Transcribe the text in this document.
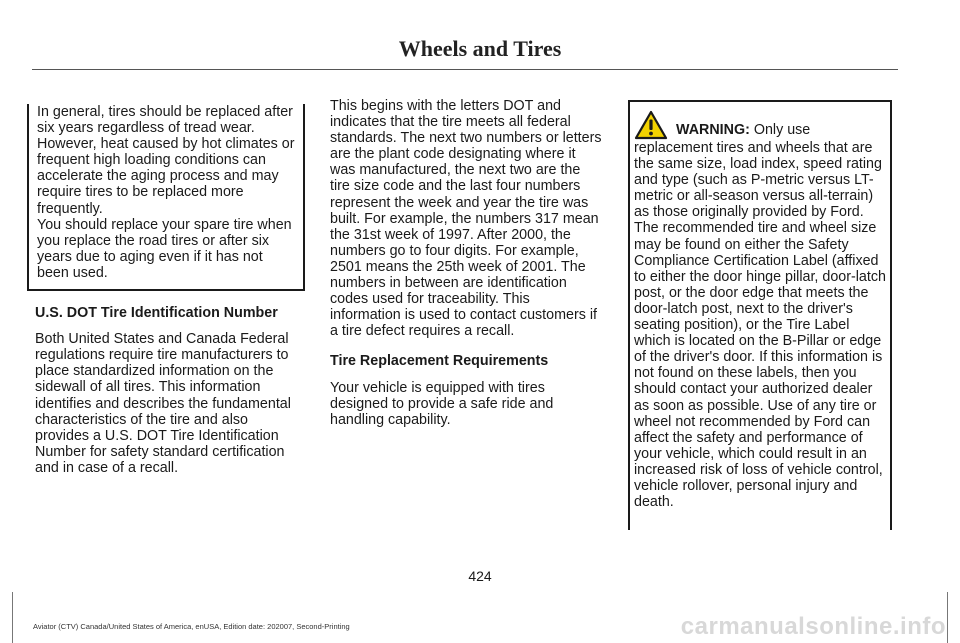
Wheels and Tires

In general, tires should be replaced after six years regardless of tread wear. However, heat caused by hot climates or frequent high loading conditions can accelerate the aging process and may require tires to be replaced more frequently.

You should replace your spare tire when you replace the road tires or after six years due to aging even if it has not been used.

U.S. DOT Tire Identification Number

Both United States and Canada Federal regulations require tire manufacturers to place standardized information on the sidewall of all tires. This information identifies and describes the fundamental characteristics of the tire and also provides a U.S. DOT Tire Identification Number for safety standard certification and in case of a recall.

This begins with the letters DOT and indicates that the tire meets all federal standards. The next two numbers or letters are the plant code designating where it was manufactured, the next two are the tire size code and the last four numbers represent the week and year the tire was built. For example, the numbers 317 mean the 31st week of 1997. After 2000, the numbers go to four digits. For example, 2501 means the 25th week of 2001. The numbers in between are identification codes used for traceability. This information is used to contact customers if a tire defect requires a recall.

Tire Replacement Requirements

Your vehicle is equipped with tires designed to provide a safe ride and handling capability.

WARNING: Only use replacement tires and wheels that are the same size, load index, speed rating and type (such as P-metric versus LT-metric or all-season versus all-terrain) as those originally provided by Ford. The recommended tire and wheel size may be found on either the Safety Compliance Certification Label (affixed to either the door hinge pillar, door-latch post, or the door edge that meets the door-latch post, next to the driver's seating position), or the Tire Label which is located on the B-Pillar or edge of the driver's door. If this information is not found on these labels, then you should contact your authorized dealer as soon as possible. Use of any tire or wheel not recommended by Ford can affect the safety and performance of your vehicle, which could result in an increased risk of loss of vehicle control, vehicle rollover, personal injury and death.

424
Aviator (CTV) Canada/United States of America, enUSA, Edition date: 202007, Second-Printing	carmanualsonline.info
